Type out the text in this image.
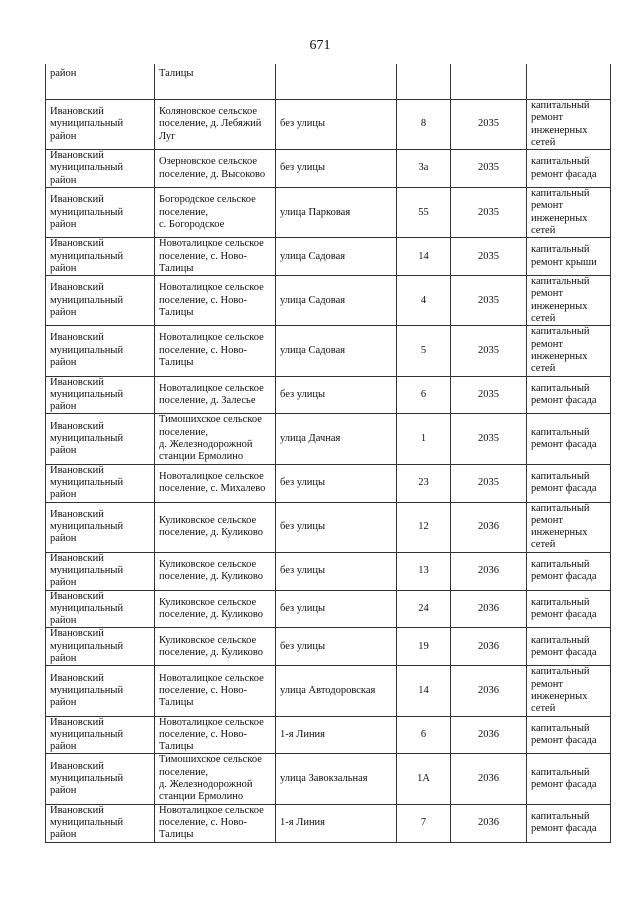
671
район	Талицы				

Ивановский
муниципальный
район	Коляновское сельское
поселение, д. Лебяжий
Луг	без улицы	8	2035	капитальный
ремонт
инженерных
сетей

Ивановский
муниципальный
район	Озерновское сельское
поселение, д. Высоково	без улицы	3а	2035	капитальный
ремонт фасада

Ивановский
муниципальный
район	Богородское сельское
поселение,
с. Богородское	улица Парковая	55	2035	капитальный
ремонт
инженерных
сетей

Ивановский
муниципальный
район	Новоталицкое сельское
поселение, с. Ново-
Талицы	улица Садовая	14	2035	капитальный
ремонт крыши

Ивановский
муниципальный
район	Новоталицкое сельское
поселение, с. Ново-
Талицы	улица Садовая	4	2035	капитальный
ремонт
инженерных
сетей

Ивановский
муниципальный
район	Новоталицкое сельское
поселение, с. Ново-
Талицы	улица Садовая	5	2035	капитальный
ремонт
инженерных
сетей

Ивановский
муниципальный
район	Новоталицкое сельское
поселение, д. Залесье	без улицы	6	2035	капитальный
ремонт фасада

Ивановский
муниципальный
район	Тимошихское сельское
поселение,
д. Железнодорожной
станции Ермолино	улица Дачная	1	2035	капитальный
ремонт фасада

Ивановский
муниципальный
район	Новоталицкое сельское
поселение, с. Михалево	без улицы	23	2035	капитальный
ремонт фасада

Ивановский
муниципальный
район	Куликовское сельское
поселение, д. Куликово	без улицы	12	2036	капитальный
ремонт
инженерных
сетей

Ивановский
муниципальный
район	Куликовское сельское
поселение, д. Куликово	без улицы	13	2036	капитальный
ремонт фасада

Ивановский
муниципальный
район	Куликовское сельское
поселение, д. Куликово	без улицы	24	2036	капитальный
ремонт фасада

Ивановский
муниципальный
район	Куликовское сельское
поселение, д. Куликово	без улицы	19	2036	капитальный
ремонт фасада

Ивановский
муниципальный
район	Новоталицкое сельское
поселение, с. Ново-
Талицы	улица Автодоровская	14	2036	капитальный
ремонт
инженерных
сетей

Ивановский
муниципальный
район	Новоталицкое сельское
поселение, с. Ново-
Талицы	1-я Линия	6	2036	капитальный
ремонт фасада

Ивановский
муниципальный
район	Тимошихское сельское
поселение,
д. Железнодорожной
станции Ермолино	улица Завокзальная	1А	2036	капитальный
ремонт фасада

Ивановский
муниципальный
район	Новоталицкое сельское
поселение, с. Ново-
Талицы	1-я Линия	7	2036	капитальный
ремонт фасада
